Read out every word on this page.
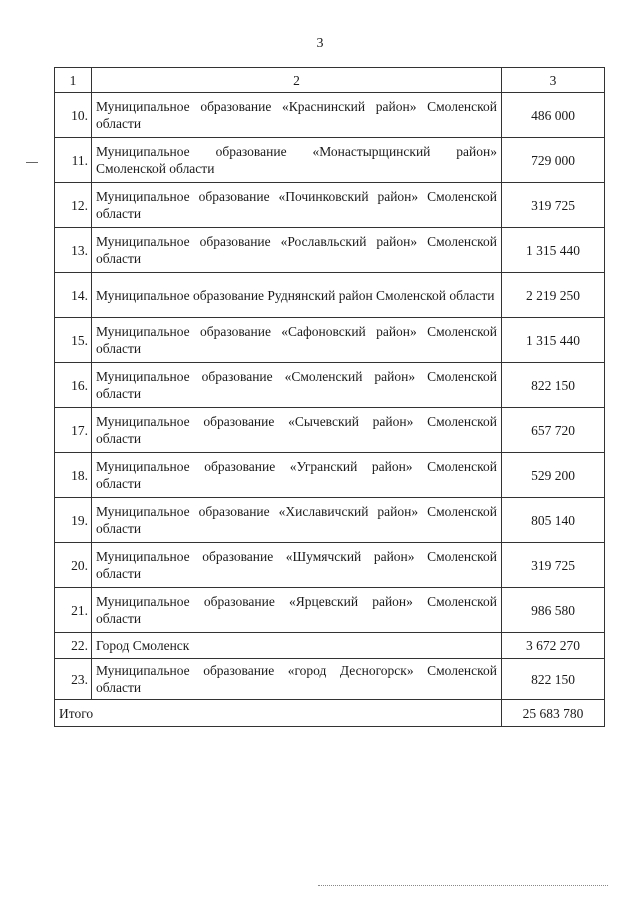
3
1	2	3
10.	Муниципальное образование «Краснинский район» Смоленской области	486 000
11.	Муниципальное образование «Монастырщинский район» Смоленской области	729 000
12.	Муниципальное образование «Починковский район» Смоленской области	319 725
13.	Муниципальное образование «Рославльский район» Смоленской области	1 315 440
14.	Муниципальное образование Руднянский район Смоленской области	2 219 250
15.	Муниципальное образование «Сафоновский район» Смоленской области	1 315 440
16.	Муниципальное образование «Смоленский район» Смоленской области	822 150
17.	Муниципальное образование «Сычевский район» Смоленской области	657 720
18.	Муниципальное образование «Угранский район» Смоленской области	529 200
19.	Муниципальное образование «Хиславичский район» Смоленской области	805 140
20.	Муниципальное образование «Шумячский район» Смоленской области	319 725
21.	Муниципальное образование «Ярцевский район» Смоленской области	986 580
22.	Город Смоленск	3 672 270
23.	Муниципальное образование «город Десногорск» Смоленской области	822 150
Итого		25 683 780
